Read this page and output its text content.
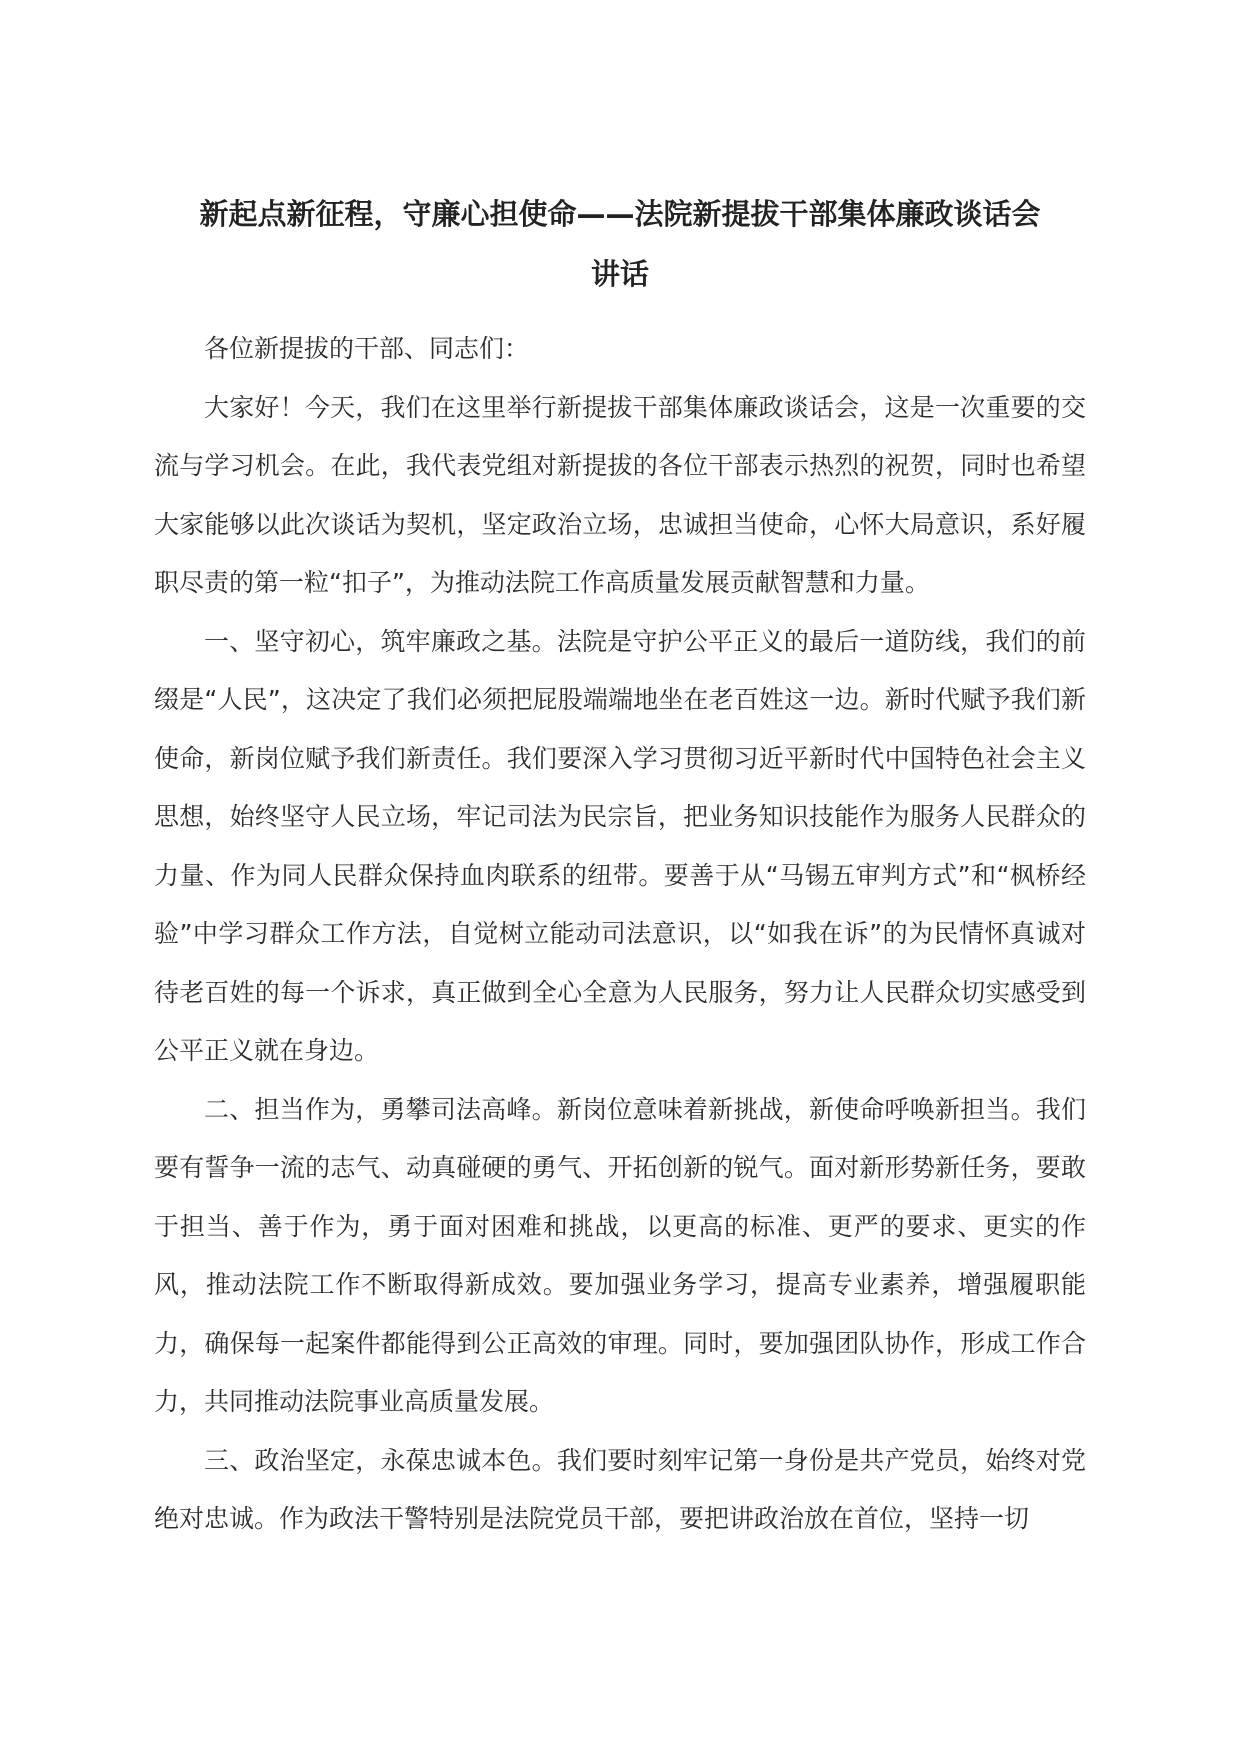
新起点新征程，守廉心担使命——法院新提拔干部集体廉政谈话会
讲话

各位新提拔的干部、同志们：

大家好！今天，我们在这里举行新提拔干部集体廉政谈话会，这是一次重要的交流与学习机会。在此，我代表党组对新提拔的各位干部表示热烈的祝贺，同时也希望大家能够以此次谈话为契机，坚定政治立场，忠诚担当使命，心怀大局意识，系好履职尽责的第一粒“扣子”，为推动法院工作高质量发展贡献智慧和力量。

一、坚守初心，筑牢廉政之基。法院是守护公平正义的最后一道防线，我们的前缀是“人民”，这决定了我们必须把屁股端端地坐在老百姓这一边。新时代赋予我们新使命，新岗位赋予我们新责任。我们要深入学习贯彻习近平新时代中国特色社会主义思想，始终坚守人民立场，牢记司法为民宗旨，把业务知识技能作为服务人民群众的力量、作为同人民群众保持血肉联系的纽带。要善于从“马锡五审判方式”和“枫桥经验”中学习群众工作方法，自觉树立能动司法意识，以“如我在诉”的为民情怀真诚对待老百姓的每一个诉求，真正做到全心全意为人民服务，努力让人民群众切实感受到公平正义就在身边。

二、担当作为，勇攀司法高峰。新岗位意味着新挑战，新使命呼唤新担当。我们要有誓争一流的志气、动真碰硬的勇气、开拓创新的锐气。面对新形势新任务，要敢于担当、善于作为，勇于面对困难和挑战，以更高的标准、更严的要求、更实的作风，推动法院工作不断取得新成效。要加强业务学习，提高专业素养，增强履职能力，确保每一起案件都能得到公正高效的审理。同时，要加强团队协作，形成工作合力，共同推动法院事业高质量发展。

三、政治坚定，永葆忠诚本色。我们要时刻牢记第一身份是共产党员，始终对党绝对忠诚。作为政法干警特别是法院党员干部，要把讲政治放在首位，坚持一切
